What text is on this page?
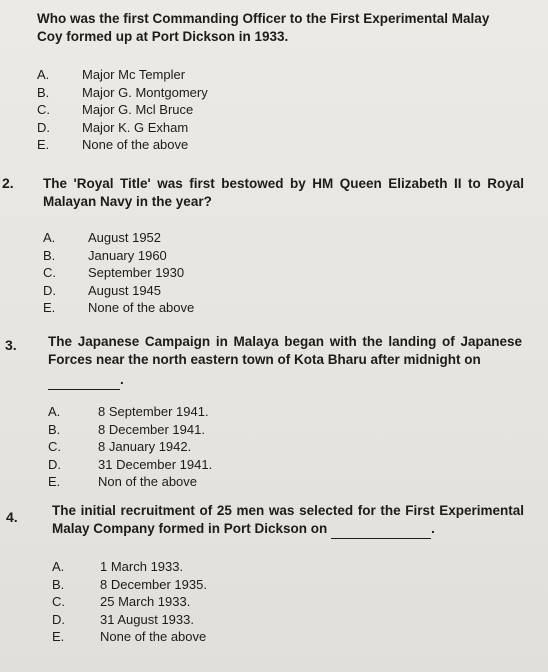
Who was the first Commanding Officer to the First Experimental Malay Coy formed up at Port Dickson in 1933.
A.	Major Mc Templer
B.	Major G. Montgomery
C.	Major G. Mcl Bruce
D.	Major K. G Exham
E.	None of the above
2. The 'Royal Title' was first bestowed by HM Queen Elizabeth II to Royal Malayan Navy in the year?
A.	August 1952
B.	January 1960
C.	September 1930
D.	August 1945
E.	None of the above
3. The Japanese Campaign in Malaya began with the landing of Japanese Forces near the north eastern town of Kota Bharu after midnight on
.
A.	8 September 1941.
B.	8 December 1941.
C.	8 January 1942.
D.	31 December 1941.
E.	Non of the above
4.	The initial recruitment of 25 men was selected for the First Experimental Malay Company formed in Port Dickson on	.
A.	1 March 1933.
B.	8 December 1935.
C.	25 March 1933.
D.	31 August 1933.
E.	None of the above
